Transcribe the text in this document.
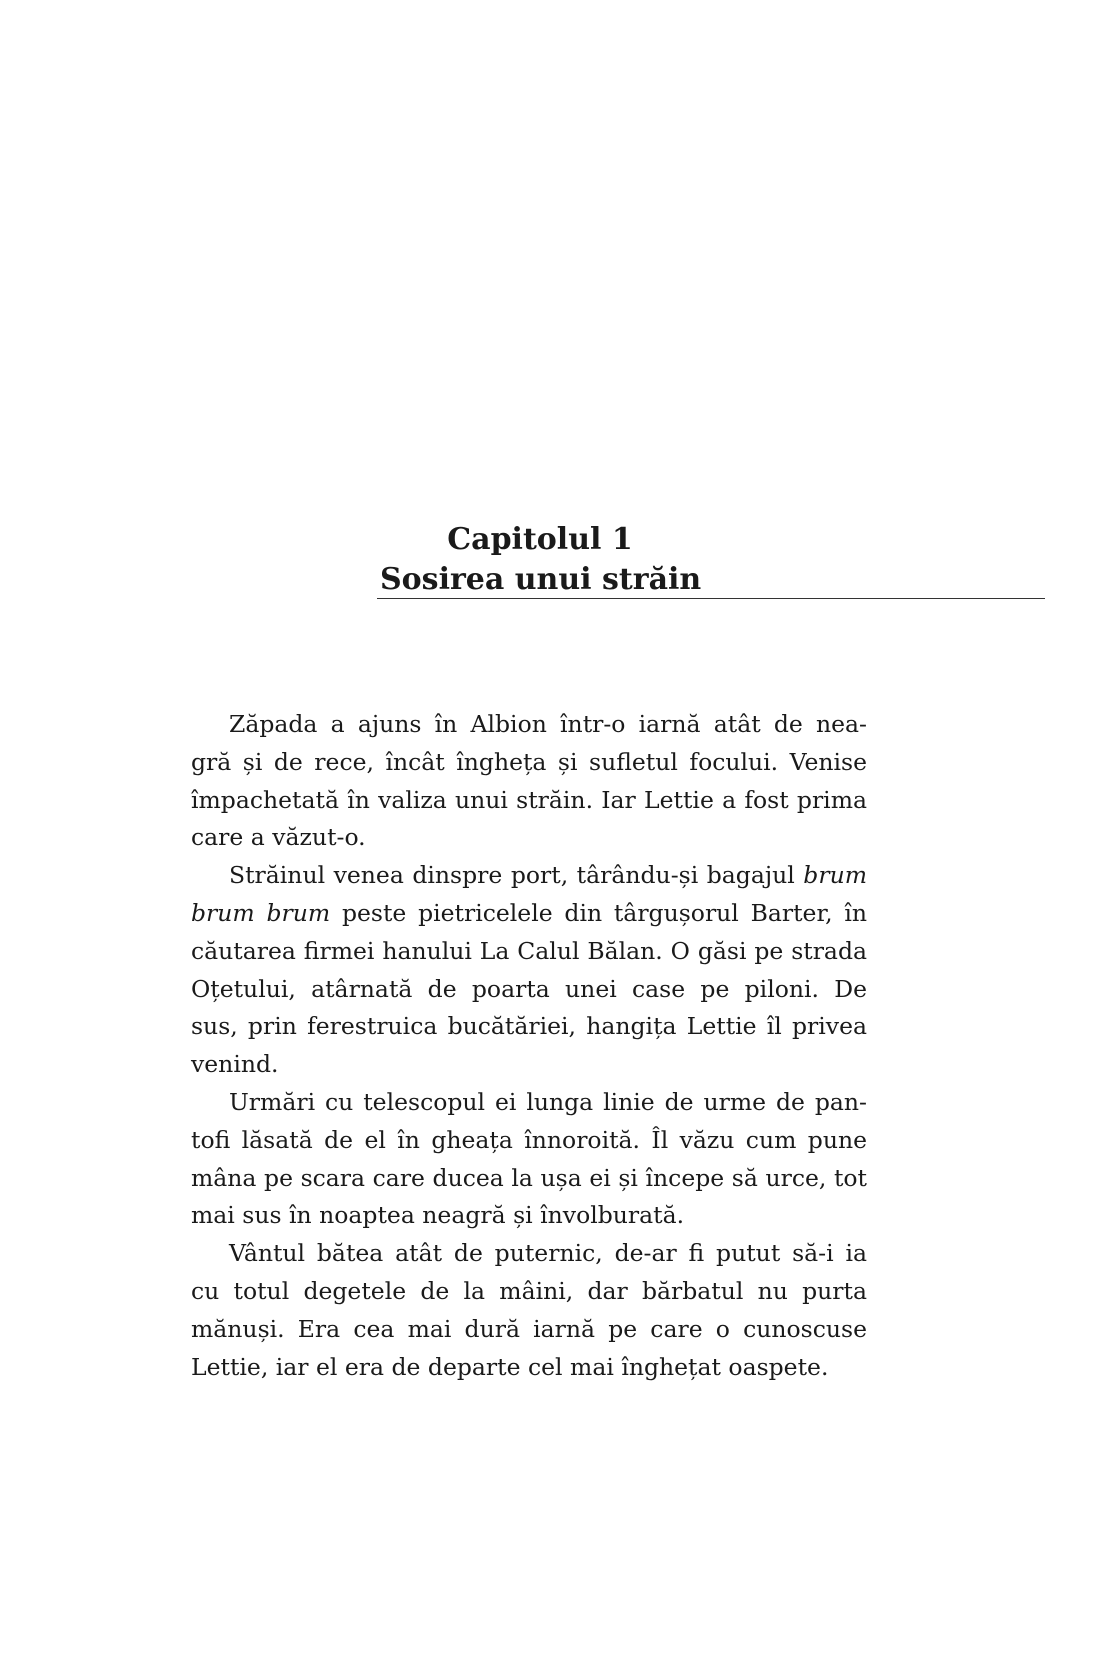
Capitolul 1
Sosirea unui străin
Zăpada a ajuns în Albion într-o iarnă atât de nea-
gră și de rece, încât îngheța și sufletul focului. Venise
împachetată în valiza unui străin. Iar Lettie a fost prima
care a văzut-o.
Străinul venea dinspre port, târându-și bagajul brum
brum brum peste pietricelele din târgușorul Barter, în
căutarea firmei hanului La Calul Bălan. O găsi pe strada
Oțetului, atârnată de poarta unei case pe piloni. De
sus, prin ferestruica bucătăriei, hangița Lettie îl privea
venind.
Urmări cu telescopul ei lunga linie de urme de pan-
tofi lăsată de el în gheața înnoroită. Îl văzu cum pune
mâna pe scara care ducea la ușa ei și începe să urce, tot
mai sus în noaptea neagră și învolburată.
Vântul bătea atât de puternic, de-ar fi putut să-i ia
cu totul degetele de la mâini, dar bărbatul nu purta
mănuși. Era cea mai dură iarnă pe care o cunoscuse
Lettie, iar el era de departe cel mai înghețat oaspete.
